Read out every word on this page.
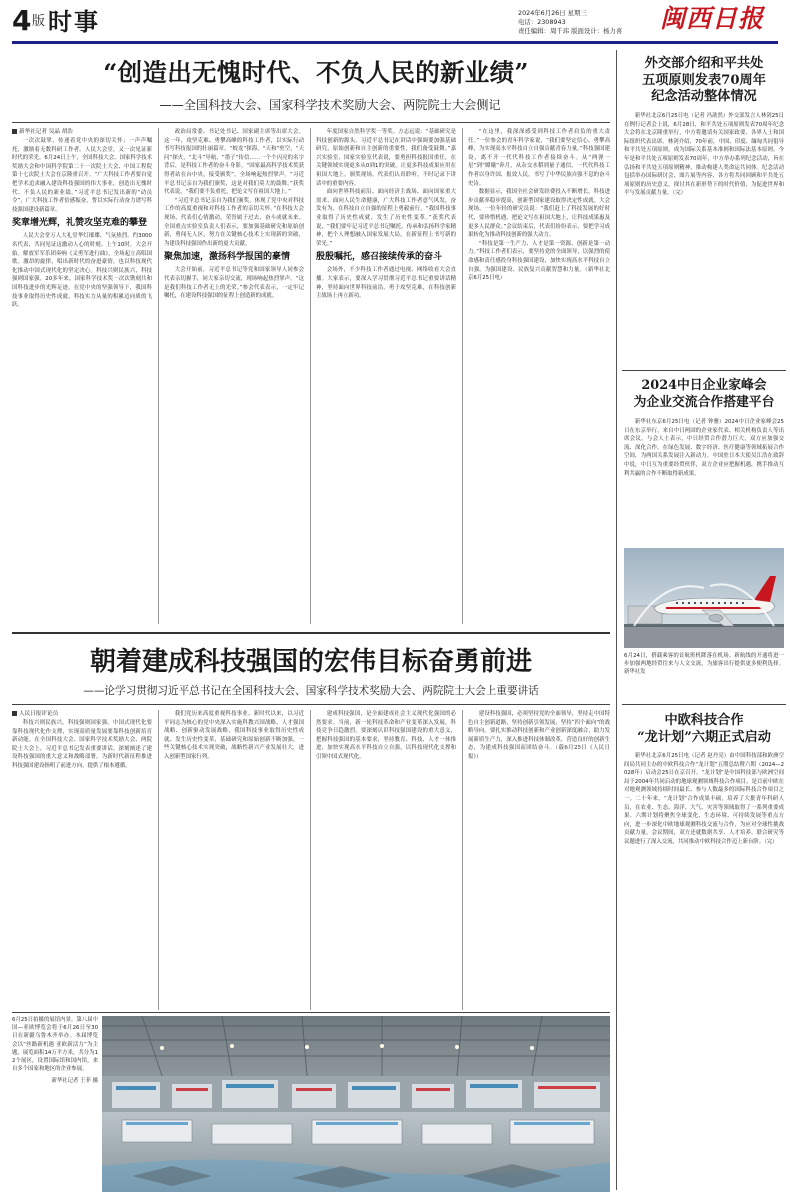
4 版 时事	2024年6月26日 星期三
电话：2308943
责任编辑：周千玮 版面设计：杨力喜 闽西日报
“创造出无愧时代、不负人民的新业绩”
——全国科技大会、国家科学技术奖励大会、两院院士大会侧记
新华社记者 吴晶 胡浩

一次次鼓掌，传递着党中央的深切关怀；一声声嘱托，激励着无数科研工作者。人民大会堂，又一次见证新时代的荣光。6月24日上午，全国科技大会、国家科学技术奖励大会和中国科学院第二十一次院士大会、中国工程院第十七次院士大会在京隆重召开。“广大科技工作者要自觉把学术追求融入建设科技强国的伟大事业，创造出无愧时代、不负人民的新业绩。”习近平总书记发出新的“动员令”，广大科技工作者倍感振奋，誓以实际行动奋力谱写科技强国建设新篇章。

奖章增光辉，礼赞攻坚克难的攀登

人民大会堂万人大礼堂华灯璀璨、气氛热烈。约3000名代表，共同见证这激动人心的时刻。上午10时，大会开始。解放军军乐团奏响《义勇军进行曲》，全场起立高唱国歌。激昂的旋律，唱出新时代的奋进豪情，也以科技现代化推动中国式现代化的坚定决心。科技兴则民族兴，科技强则国家强。20多年来，国家科学技术奖一次次镌刻共和国科技进步的光辉足迹。在党中央的坚强领导下，我国科技事业取得历史性成就，科技实力从量的积累迈向质的飞跃。

政治局常委、书记处书记、国家副主席等出席大会。这一年，攻坚克难、勇攀高峰的科技工作者，以实际行动书写科技报国的壮丽篇章。“蛟龙”探海，“天和”驻空，“天问”探火，“北斗”导航，“墨子”传信……一个个闪亮的名字背后，是科技工作者的奋斗身影。“国家最高科学技术奖获得者站在台中央，接受颁奖”。全场响起热烈掌声。“习近平总书记亲自为我们颁奖，这是对我们莫大的鼓舞。”获奖代表说，“我们要不负重托，把论文写在祖国大地上。”

“习近平总书记亲自为我们颁奖，体现了党中央对科技工作的高度重视和对科技工作者的亲切关怀。”在科技大会现场，代表们心情激动。荣誉属于过去，奋斗成就未来。全国重点实验室负责人们表示，要加强基础研究和原始创新，勇闯无人区，努力在关键核心技术上实现新的突破，为建设科技强国作出新的更大贡献。

聚焦加速，激扬科学报国的豪情

大会开始前，习近平总书记等党和国家领导人同参会代表亲切握手，同大家亲切交流，现场响起热烈掌声。“这是我们科技工作者无上的光荣。”参会代表表示，一定牢记嘱托，在建设科技强国的征程上创造新的成就。

年度国家自然科学奖一等奖。方志远说：“基础研究是科技创新的源头。习近平总书记在讲话中强调要加强基础研究，原始创新和自主创新的重要性，我们备受鼓舞。”嘉兴实验室、国家实验室代表说，要勇担科技报国重任，在关键领域实现更多从0到1的突破，让更多科技成果应用在祖国大地上。颁奖现场，代表们认真聆听，不时记录下讲话中的重要内容。

面向世界科技前沿、面向经济主战场、面向国家重大需求、面向人民生命健康，广大科技工作者意气风发，奋发有为，在科技自立自强的征程上勇毅前行。“我国科技事业取得了历史性成就、发生了历史性变革。”获奖代表说，“我们要牢记习近平总书记嘱托，传承和弘扬科学家精神，把个人理想融入国家发展大局，在新征程上书写新的荣光。”

殷殷嘱托，感召接续传承的奋斗

会场外，不少科技工作者通过电视、网络收看大会直播。大家表示，要深入学习贯彻习近平总书记重要讲话精神，坚持面向世界科技前沿，勇于攻坚克难，在科技创新主战场上再立新功。

“在这里，我深深感受到科技工作者肩负的重大责任。”一位参会的青年科学家说，“我们要坚定信心、勇攀高峰，为实现高水平科技自立自强贡献青春力量。”科技强国建设，离不开一代代科技工作者接续奋斗。从“两弹一星”到“嫦娥”奔月，从杂交水稻到量子通信，一代代科技工作者以身许国、报效人民，书写了中华民族自强不息的奋斗史诗。

数据显示，我国全社会研发经费投入不断增长，科技进步贡献率稳步提高，创新型国家建设取得决定性成就。大会现场，一位年轻的研究员说：“我们赶上了科技发展的好时代，要珍惜机遇，把论文写在祖国大地上，让科技成果惠及更多人民群众。”会议结束后，代表们纷纷表示，要把学习成果转化为推动科技创新的强大动力。

“科技是第一生产力、人才是第一资源、创新是第一动力。”科技工作者们表示，要坚持党的全面领导，以强烈的使命感和责任感投身科技强国建设，加快实现高水平科技自立自强，为强国建设、民族复兴贡献智慧和力量。（新华社北京6月25日电）

朝着建成科技强国的宏伟目标奋勇前进
——论学习贯彻习近平总书记在全国科技大会、国家科学技术奖励大会、两院院士大会上重要讲话
人民日报评论员

科技兴则民族兴，科技强则国家强。中国式现代化要靠科技现代化作支撑，实现高质量发展要靠科技创新培育新动能。在全国科技大会、国家科学技术奖励大会、两院院士大会上，习近平总书记发表重要讲话，深刻阐述了建设科技强国的重大意义和战略部署，为新时代新征程推进科技强国建设指明了前进方向、提供了根本遵循。

我们党历来高度重视科技事业。新时代以来，以习近平同志为核心的党中央深入实施科教兴国战略、人才强国战略、创新驱动发展战略，我国科技事业取得历史性成就、发生历史性变革，基础研究和原始创新不断加强，一些关键核心技术实现突破，战略性新兴产业发展壮大，进入创新型国家行列。

建成科技强国，是全面建成社会主义现代化强国的必然要求。当前，新一轮科技革命和产业变革深入发展，科技竞争日趋激烈。要深刻认识科技强国建设的重大意义，把握科技强国的基本要求，坚持教育、科技、人才一体推进，加快实现高水平科技自立自强，以科技现代化支撑和引领中国式现代化。

建设科技强国，必须坚持党的全面领导，坚持走中国特色自主创新道路，坚持创新引领发展，坚持“四个面向”的战略导向。要扎实推动科技创新和产业创新深度融合，助力发展新质生产力，深入推进科技体制改革，营造良好的创新生态，为建成科技强国而团结奋斗。（载6月25日《人民日报》）

6月25日拍摄的展馆内景。第八届中国—亚欧博览会将于6月26日至30日在新疆乌鲁木齐举办。本届博览会以“丝路新机遇 亚欧新活力”为主题，展览面积14万平方米，共分为12个展区，设置国际馆和国内馆，来自多个国家和地区的企业参展。

新华社记者 王菲 摄
外交部介绍和平共处
五项原则发表70周年
纪念活动整体情况

新华社北京6月25日电（记者 冯歆然）外交部发言人林剑25日在例行记者会上说，6月28日，和平共处五项原则发表70周年纪念大会将在北京隆重举行，中方将邀请有关国家政要、各界人士和国际组织代表出席。林剑介绍，70年前，中国、印度、缅甸共同倡导和平共处五项原则，成为国际关系基本准则和国际法基本原则。今年是和平共处五项原则发表70周年，中方举办系列纪念活动，旨在弘扬和平共处五项原则精神，推动构建人类命运共同体。纪念活动包括举办国际研讨会、图片展等内容，各方将共同回顾和平共处五项原则的历史意义，探讨其在新形势下的时代价值，为促进世界和平与发展贡献力量。（完）

2024中日企业家峰会
为企业交流合作搭建平台

新华社东京6月25日电（记者 钟雅）2024中日企业家峰会25日在东京举行，来自中日两国的企业家代表、相关机构负责人等出席会议。与会人士表示，中日经贸合作潜力巨大，双方应加强交流、深化合作，在绿色发展、数字经济、医疗健康等领域拓展合作空间，为两国关系发展注入新动力。中国驻日本大使吴江浩在致辞中说，中日互为重要经贸伙伴，双方企业应把握机遇，携手推动互利共赢的合作不断取得新成果。

6月24日，搭载乘客的首航班机降落在机场。新航线的开通将进一步加强两地经贸往来与人文交流，为旅客出行提供更多便利选择。 新华社发
中欧科技合作
“龙计划”六期正式启动

新华社北京6月25日电（记者 赵丹亮）由中国科技部和欧洲空间局共同主办的中欧科技合作“龙计划”五期总结暨六期（2024—2028年）启动会25日在京召开。“龙计划”是中国科技部与欧洲空间局于2004年共同启动的地球观测领域科技合作项目，是目前中欧在对地观测领域持续时间最长、参与人数最多的国际科技合作项目之一。二十年来，“龙计划”合作成果丰硕，培养了大批青年科研人员，在农业、生态、海洋、大气、灾害等领域取得了一系列重要成果。六期计划将聚焦全球变化、生态环境、可持续发展等重点方向，进一步深化中欧地球观测科技交流与合作，为应对全球性挑战贡献力量。会议期间，双方还就数据共享、人才培养、联合研究等议题进行了深入交流，共同推动中欧科技合作迈上新台阶。（完）
